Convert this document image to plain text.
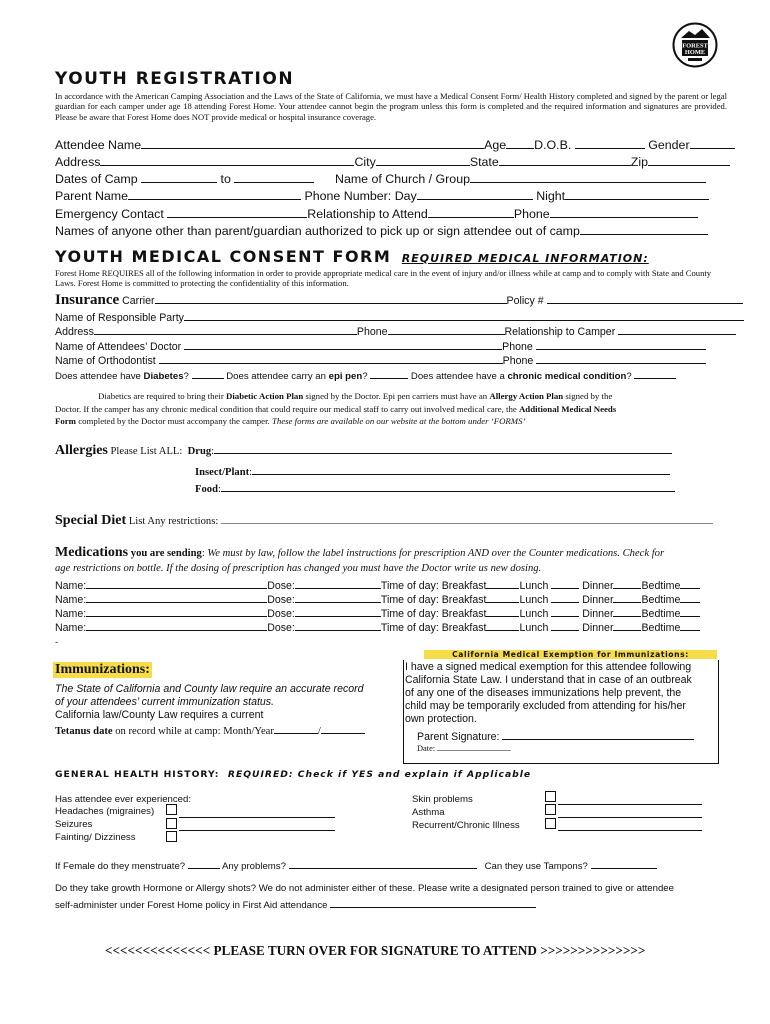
FOREST
HOME
YOUTH REGISTRATION
In accordance with the American Camping Association and the Laws of the State of California, we must have a Medical Consent Form/ Health History completed and signed by the parent or legal guardian for each camper under age 18 attending Forest Home. Your attendee cannot begin the program unless this form is completed and the required information and signatures are provided. Please be aware that Forest Home does NOT provide medical or hospital insurance coverage.
Attendee Name	Age D.O.B.	Gender
Address	City	State	Zip
Dates of Camp	to	Name of Church / Group
Parent Name	Phone Number: Day	Night
Emergency Contact	Relationship to Attend	Phone
Names of anyone other than parent/guardian authorized to pick up or sign attendee out of camp
YOUTH MEDICAL CONSENT FORM REQUIRED MEDICAL INFORMATION:
Forest Home REQUIRES all of the following information in order to provide appropriate medical care in the event of injury and/or illness while at camp and to comply with State and County Laws. Forest Home is committed to protecting the confidentiality of this information.
Insurance Carrier	Policy #
Name of Responsible Party
Address	Phone	Relationship to Camper
Name of Attendees’ Doctor	Phone
Name of Orthodontist	Phone
Does attendee have Diabetes?	Does attendee carry an epi pen?	Does attendee have a chronic medical condition?
Diabetics are required to bring their Diabetic Action Plan signed by the Doctor. Epi pen carriers must have an Allergy Action Plan signed by the
Doctor. If the camper has any chronic medical condition that could require our medical staff to carry out involved medical care, the Additional Medical Needs
Form completed by the Doctor must accompany the camper. These forms are available on our website at the bottom under ‘FORMS’
Allergies Please List ALL: Drug:
Insect/Plant:
Food:
Special Diet List Any restrictions:
Medications you are sending: We must by law, follow the label instructions for prescription AND over the Counter medications. Check for
age restrictions on bottle. If the dosing of prescription has changed you must have the Doctor write us new dosing.
Name:	Dose:	Time of day: Breakfast	Lunch	Dinner	Bedtime
Name:	Dose:	Time of day: Breakfast	Lunch	Dinner	Bedtime
Name:	Dose:	Time of day: Breakfast	Lunch	Dinner	Bedtime
Name:	Dose:	Time of day: Breakfast	Lunch	Dinner	Bedtime
-
Immunizations:
The State of California and County law require an accurate record
of your attendees’ current immunization status.
California law/County Law requires a current
Tetanus date on record while at camp: Month/Year	/
California Medical Exemption for Immunizations:
I have a signed medical exemption for this attendee following
California State Law. I understand that in case of an outbreak
of any one of the diseases immunizations help prevent, the
child may be temporarily excluded from attending for his/her
own protection.
Parent Signature:
Date:
GENERAL HEALTH HISTORY: REQUIRED: Check if YES and explain if Applicable
Has attendee ever experienced:
Headaches (migraines)
Seizures
Fainting/ Dizziness
Skin problems
Asthma
Recurrent/Chronic Illness
If Female do they menstruate?	Any problems?	Can they use Tampons?
Do they take growth Hormone or Allergy shots? We do not administer either of these. Please write a designated person trained to give or attendee
self-administer under Forest Home policy in First Aid attendance
<<<<<<<<<<<<<< PLEASE TURN OVER FOR SIGNATURE TO ATTEND >>>>>>>>>>>>>>
